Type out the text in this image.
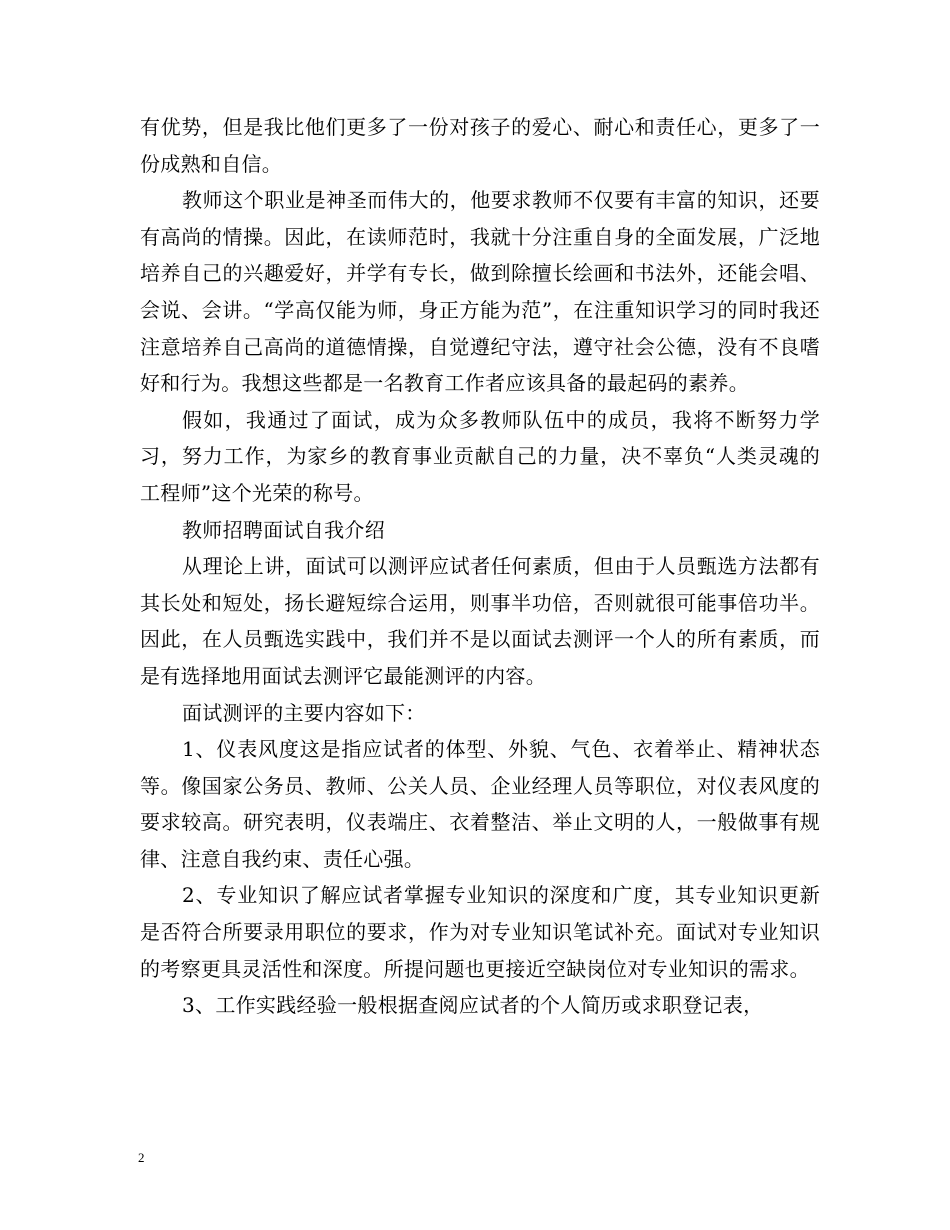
有优势，但是我比他们更多了一份对孩子的爱心、耐心和责任心，更多了一份成熟和自信。

教师这个职业是神圣而伟大的，他要求教师不仅要有丰富的知识，还要有高尚的情操。因此，在读师范时，我就十分注重自身的全面发展，广泛地培养自己的兴趣爱好，并学有专长，做到除擅长绘画和书法外，还能会唱、会说、会讲。“学高仅能为师，身正方能为范”，在注重知识学习的同时我还注意培养自己高尚的道德情操，自觉遵纪守法，遵守社会公德，没有不良嗜好和行为。我想这些都是一名教育工作者应该具备的最起码的素养。

假如，我通过了面试，成为众多教师队伍中的成员，我将不断努力学习，努力工作，为家乡的教育事业贡献自己的力量，决不辜负“人类灵魂的工程师”这个光荣的称号。

教师招聘面试自我介绍

从理论上讲，面试可以测评应试者任何素质，但由于人员甄选方法都有其长处和短处，扬长避短综合运用，则事半功倍，否则就很可能事倍功半。因此，在人员甄选实践中，我们并不是以面试去测评一个人的所有素质，而是有选择地用面试去测评它最能测评的内容。

面试测评的主要内容如下：

1、仪表风度这是指应试者的体型、外貌、气色、衣着举止、精神状态等。像国家公务员、教师、公关人员、企业经理人员等职位，对仪表风度的要求较高。研究表明，仪表端庄、衣着整洁、举止文明的人，一般做事有规律、注意自我约束、责任心强。

2、专业知识了解应试者掌握专业知识的深度和广度，其专业知识更新是否符合所要录用职位的要求，作为对专业知识笔试补充。面试对专业知识的考察更具灵活性和深度。所提问题也更接近空缺岗位对专业知识的需求。

3、工作实践经验一般根据查阅应试者的个人简历或求职登记表，

2
